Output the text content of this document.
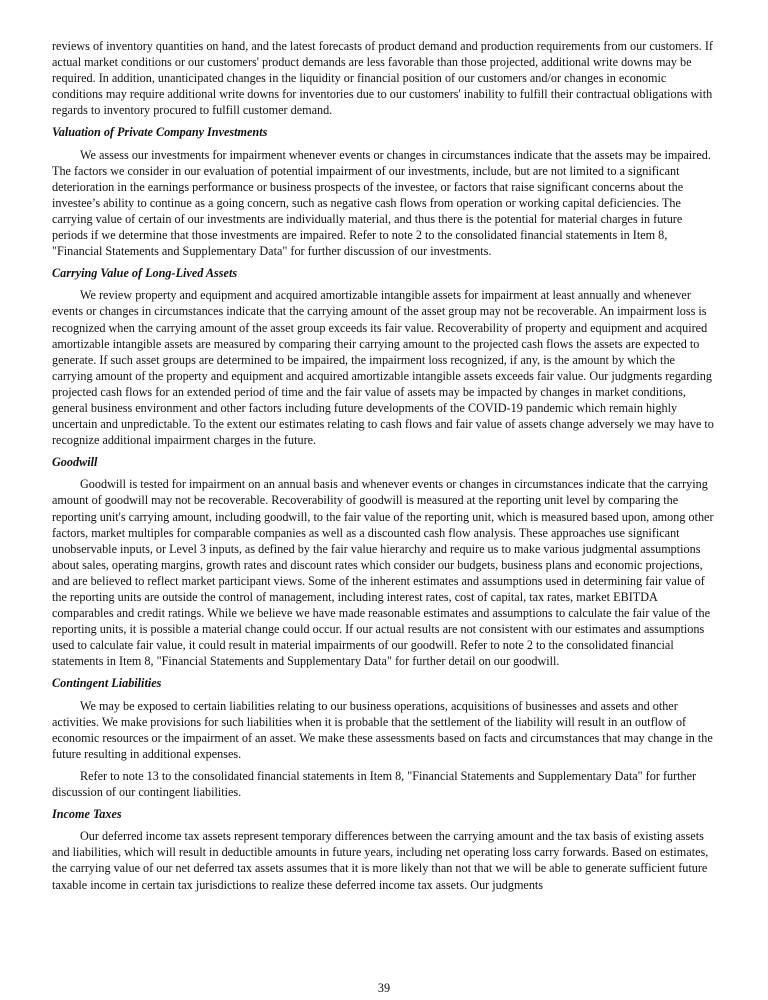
reviews of inventory quantities on hand, and the latest forecasts of product demand and production requirements from our customers. If actual market conditions or our customers' product demands are less favorable than those projected, additional write downs may be required. In addition, unanticipated changes in the liquidity or financial position of our customers and/or changes in economic conditions may require additional write downs for inventories due to our customers' inability to fulfill their contractual obligations with regards to inventory procured to fulfill customer demand.

Valuation of Private Company Investments

We assess our investments for impairment whenever events or changes in circumstances indicate that the assets may be impaired. The factors we consider in our evaluation of potential impairment of our investments, include, but are not limited to a significant deterioration in the earnings performance or business prospects of the investee, or factors that raise significant concerns about the investee’s ability to continue as a going concern, such as negative cash flows from operation or working capital deficiencies. The carrying value of certain of our investments are individually material, and thus there is the potential for material charges in future periods if we determine that those investments are impaired. Refer to note 2 to the consolidated financial statements in Item 8, "Financial Statements and Supplementary Data" for further discussion of our investments.

Carrying Value of Long-Lived Assets

We review property and equipment and acquired amortizable intangible assets for impairment at least annually and whenever events or changes in circumstances indicate that the carrying amount of the asset group may not be recoverable. An impairment loss is recognized when the carrying amount of the asset group exceeds its fair value. Recoverability of property and equipment and acquired amortizable intangible assets are measured by comparing their carrying amount to the projected cash flows the assets are expected to generate. If such asset groups are determined to be impaired, the impairment loss recognized, if any, is the amount by which the carrying amount of the property and equipment and acquired amortizable intangible assets exceeds fair value. Our judgments regarding projected cash flows for an extended period of time and the fair value of assets may be impacted by changes in market conditions, general business environment and other factors including future developments of the COVID-19 pandemic which remain highly uncertain and unpredictable. To the extent our estimates relating to cash flows and fair value of assets change adversely we may have to recognize additional impairment charges in the future.

Goodwill

Goodwill is tested for impairment on an annual basis and whenever events or changes in circumstances indicate that the carrying amount of goodwill may not be recoverable. Recoverability of goodwill is measured at the reporting unit level by comparing the reporting unit's carrying amount, including goodwill, to the fair value of the reporting unit, which is measured based upon, among other factors, market multiples for comparable companies as well as a discounted cash flow analysis. These approaches use significant unobservable inputs, or Level 3 inputs, as defined by the fair value hierarchy and require us to make various judgmental assumptions about sales, operating margins, growth rates and discount rates which consider our budgets, business plans and economic projections, and are believed to reflect market participant views. Some of the inherent estimates and assumptions used in determining fair value of the reporting units are outside the control of management, including interest rates, cost of capital, tax rates, market EBITDA comparables and credit ratings. While we believe we have made reasonable estimates and assumptions to calculate the fair value of the reporting units, it is possible a material change could occur. If our actual results are not consistent with our estimates and assumptions used to calculate fair value, it could result in material impairments of our goodwill. Refer to note 2 to the consolidated financial statements in Item 8, "Financial Statements and Supplementary Data" for further detail on our goodwill.

Contingent Liabilities

We may be exposed to certain liabilities relating to our business operations, acquisitions of businesses and assets and other activities. We make provisions for such liabilities when it is probable that the settlement of the liability will result in an outflow of economic resources or the impairment of an asset. We make these assessments based on facts and circumstances that may change in the future resulting in additional expenses.

Refer to note 13 to the consolidated financial statements in Item 8, "Financial Statements and Supplementary Data" for further discussion of our contingent liabilities.

Income Taxes

Our deferred income tax assets represent temporary differences between the carrying amount and the tax basis of existing assets and liabilities, which will result in deductible amounts in future years, including net operating loss carry forwards. Based on estimates, the carrying value of our net deferred tax assets assumes that it is more likely than not that we will be able to generate sufficient future taxable income in certain tax jurisdictions to realize these deferred income tax assets. Our judgments

39
